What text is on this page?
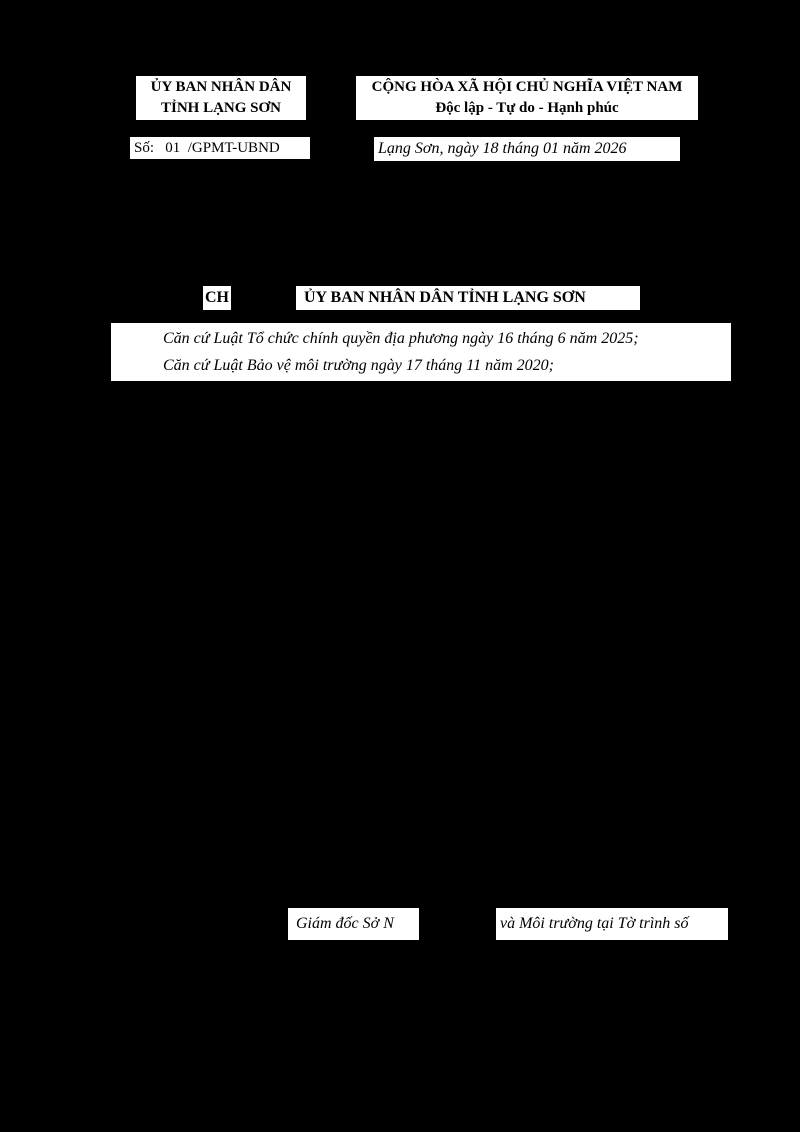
ỦY BAN NHÂN DÂN
TỈNH LẠNG SƠN
CỘNG HÒA XÃ HỘI CHỦ NGHĨA VIỆT NAM
Độc lập - Tự do - Hạnh phúc
Số: 01 /GPMT-UBND	Lạng Sơn, ngày 18 tháng 01 năm 2026
CH	ỦY BAN NHÂN DÂN TỈNH LẠNG SƠN
Căn cứ Luật Tổ chức chính quyền địa phương ngày 16 tháng 6 năm 2025;
Căn cứ Luật Bảo vệ môi trường ngày 17 tháng 11 năm 2020;
Giám đốc Sở N	và Môi trường tại Tờ trình số
